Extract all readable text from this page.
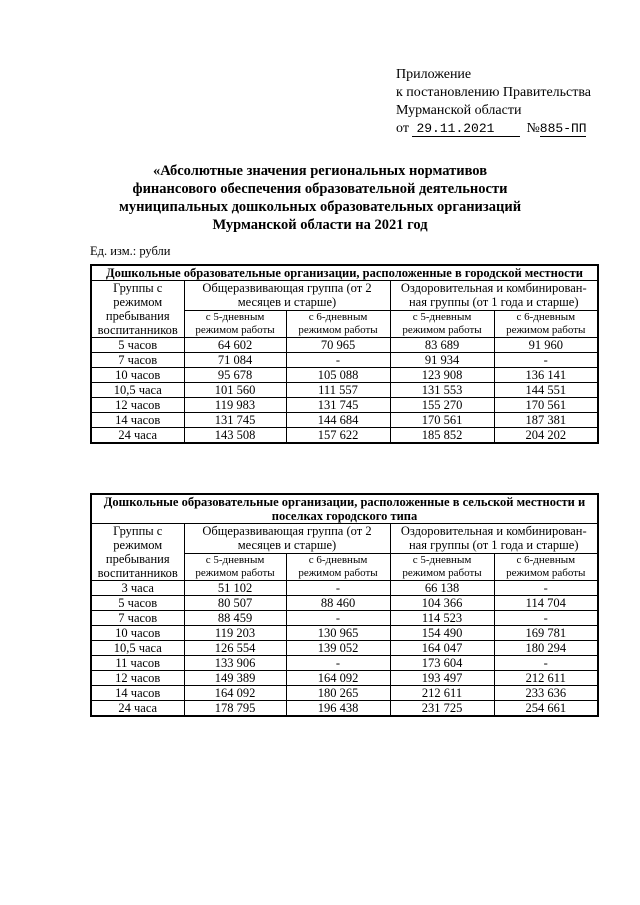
Приложение
к постановлению Правительства
Мурманской области
от 29.11.2021 №885-ПП
«Абсолютные значения региональных нормативов
финансового обеспечения образовательной деятельности
муниципальных дошкольных образовательных организаций
Мурманской области на 2021 год
Ед. изм.: рубли
Дошкольные образовательные организации, расположенные в городской местности				
Группы с режимом пребывания воспитанников	Общеразвивающая группа (от 2 месяцев и старше)		Оздоровительная и комбинирован-ная группы (от 1 года и старше)	
	с 5-дневным режимом работы	с 6-дневным режимом работы	с 5-дневным режимом работы	с 6-дневным режимом работы
5 часов	64 602	70 965	83 689	91 960
7 часов	71 084	-	91 934	-
10 часов	95 678	105 088	123 908	136 141
10,5 часа	101 560	111 557	131 553	144 551
12 часов	119 983	131 745	155 270	170 561
14 часов	131 745	144 684	170 561	187 381
24 часа	143 508	157 622	185 852	204 202
Дошкольные образовательные организации, расположенные в сельской местности и поселках городского типа				
Группы с режимом пребывания воспитанников	Общеразвивающая группа (от 2 месяцев и старше)		Оздоровительная и комбинирован-ная группы (от 1 года и старше)	
	с 5-дневным режимом работы	с 6-дневным режимом работы	с 5-дневным режимом работы	с 6-дневным режимом работы
3 часа	51 102	-	66 138	-
5 часов	80 507	88 460	104 366	114 704
7 часов	88 459	-	114 523	-
10 часов	119 203	130 965	154 490	169 781
10,5 часа	126 554	139 052	164 047	180 294
11 часов	133 906	-	173 604	-
12 часов	149 389	164 092	193 497	212 611
14 часов	164 092	180 265	212 611	233 636
24 часа	178 795	196 438	231 725	254 661
